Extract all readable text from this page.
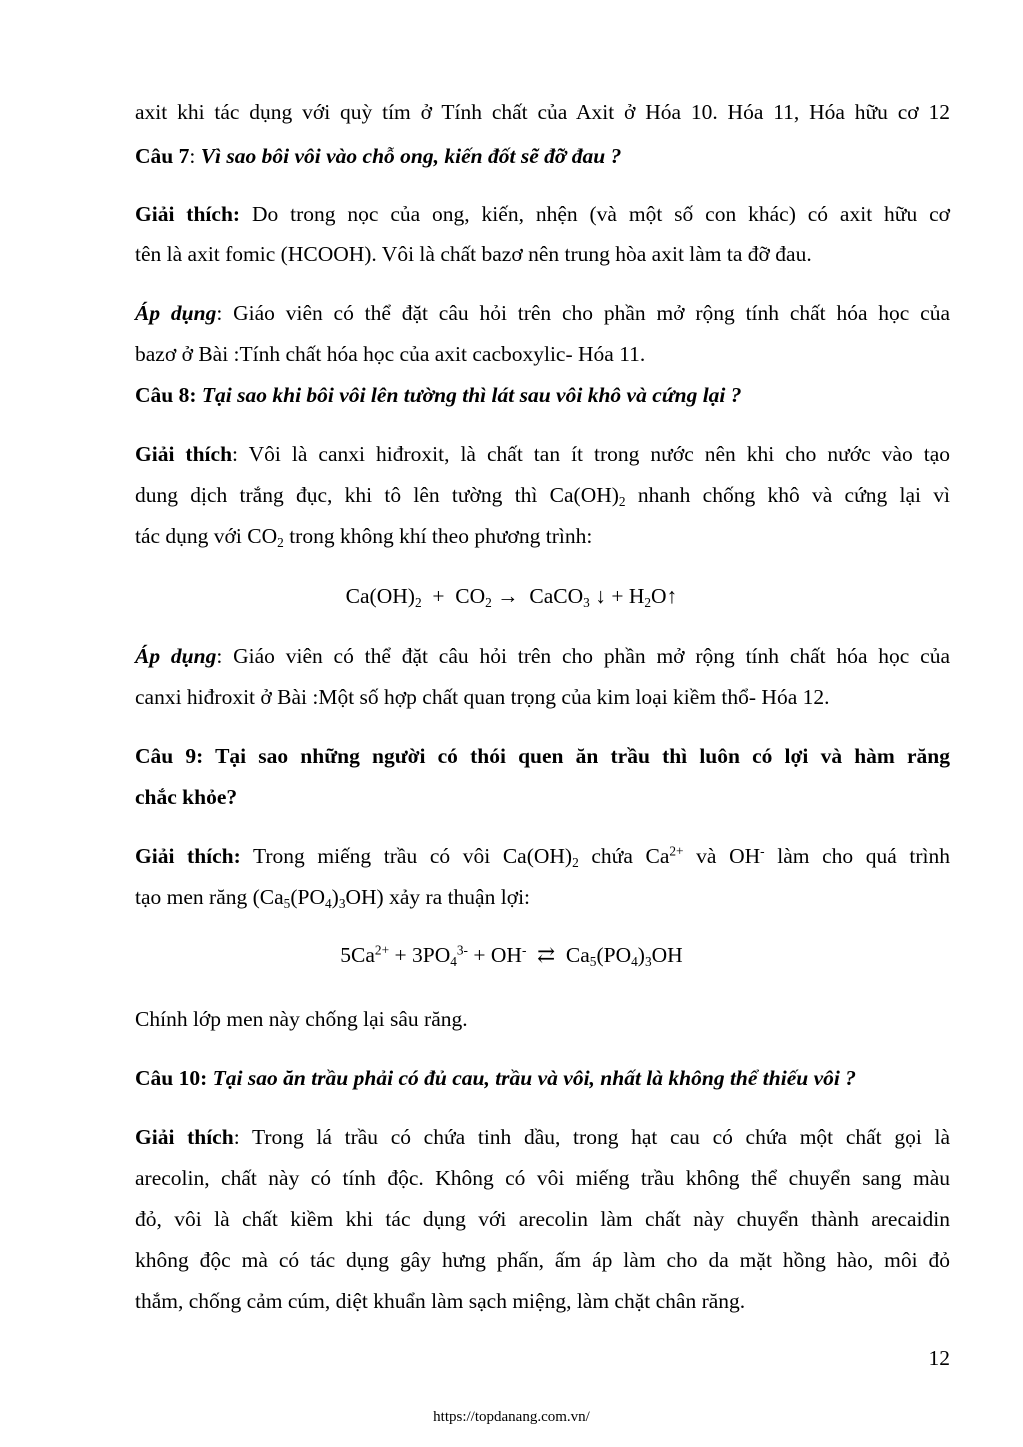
axit khi tác dụng với quỳ tím ở Tính chất của Axit ở Hóa 10. Hóa 11, Hóa hữu cơ 12
Câu 7: Vì sao bôi vôi vào chỗ ong, kiến đốt sẽ đỡ đau ?
Giải thích: Do trong nọc của ong, kiến, nhện (và một số con khác) có axit hữu cơ
tên là axit fomic (HCOOH). Vôi là chất bazơ nên trung hòa axit làm ta đỡ đau.
Áp dụng: Giáo viên có thể đặt câu hỏi trên cho phần mở rộng tính chất hóa học của
bazơ ở Bài :Tính chất hóa học của axit cacboxylic- Hóa 11.
Câu 8: Tại sao khi bôi vôi lên tường thì lát sau vôi khô và cứng lại ?
Giải thích: Vôi là canxi hiđroxit, là chất tan ít trong nước nên khi cho nước vào tạo
dung dịch trắng đục, khi tô lên tường thì $Ca(OH)_2$ nhanh chống khô và cứng lại vì
tác dụng với $CO_2$ trong không khí theo phương trình:
$Ca(OH)_2 + CO_2$ →  CaCO$_3$ ↓ + $H_2O↑$
Áp dụng: Giáo viên có thể đặt câu hỏi trên cho phần mở rộng tính chất hóa học của
canxi hiđroxit ở Bài :Một số hợp chất quan trọng của kim loại kiềm thổ- Hóa 12.
Câu 9: Tại sao những người có thói quen ăn trầu thì luôn có lợi và hàm răng
chắc khỏe?
Giải thích: Trong miếng trầu có vôi $Ca(OH)_2$ chứa $Ca^{2+}$ và OH- làm cho quá trình
tạo men răng $(Ca_5(PO_4)_3OH)$ xảy ra thuận lợi:
$5Ca^{2+} + 3PO_4^{3-} + OH^-$  ⇄  $Ca_5(PO_4)_3OH$
Chính lớp men này chống lại sâu răng.
Câu 10: Tại sao ăn trầu phải có đủ cau, trầu và vôi, nhất là không thể thiếu vôi ?
Giải thích: Trong lá trầu có chứa tinh dầu, trong hạt cau có chứa một chất gọi là
arecolin, chất này có tính độc. Không có vôi miếng trầu không thể chuyển sang màu
đỏ, vôi là chất kiềm khi tác dụng với arecolin làm chất này chuyển thành arecaidin
không độc mà có tác dụng gây hưng phấn, ấm áp làm cho da mặt hồng hào, môi đỏ
thắm, chống cảm cúm, diệt khuẩn làm sạch miệng, làm chặt chân răng.
12
https://topdanang.com.vn/
